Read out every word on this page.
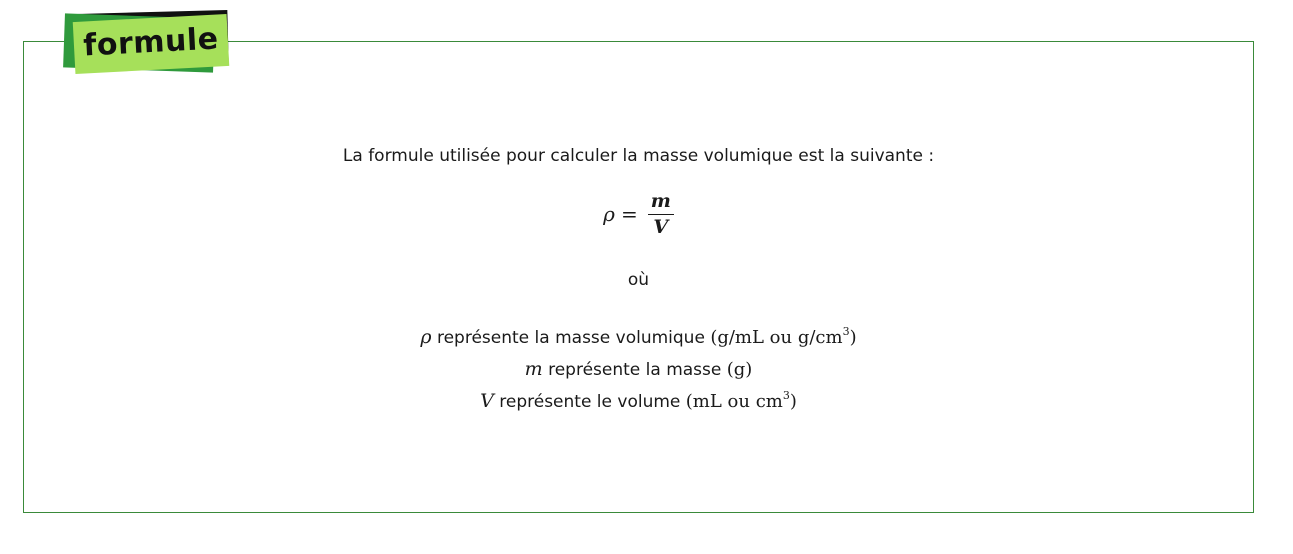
formule
La formule utilisée pour calculer la masse volumique est la suivante :
$\rho = \frac{m}{V}$
où
ρ représente la masse volumique (g/mL ou $g/cm^3$)
m représente la masse (g)
V représente le volume (mL ou $cm^3$)
